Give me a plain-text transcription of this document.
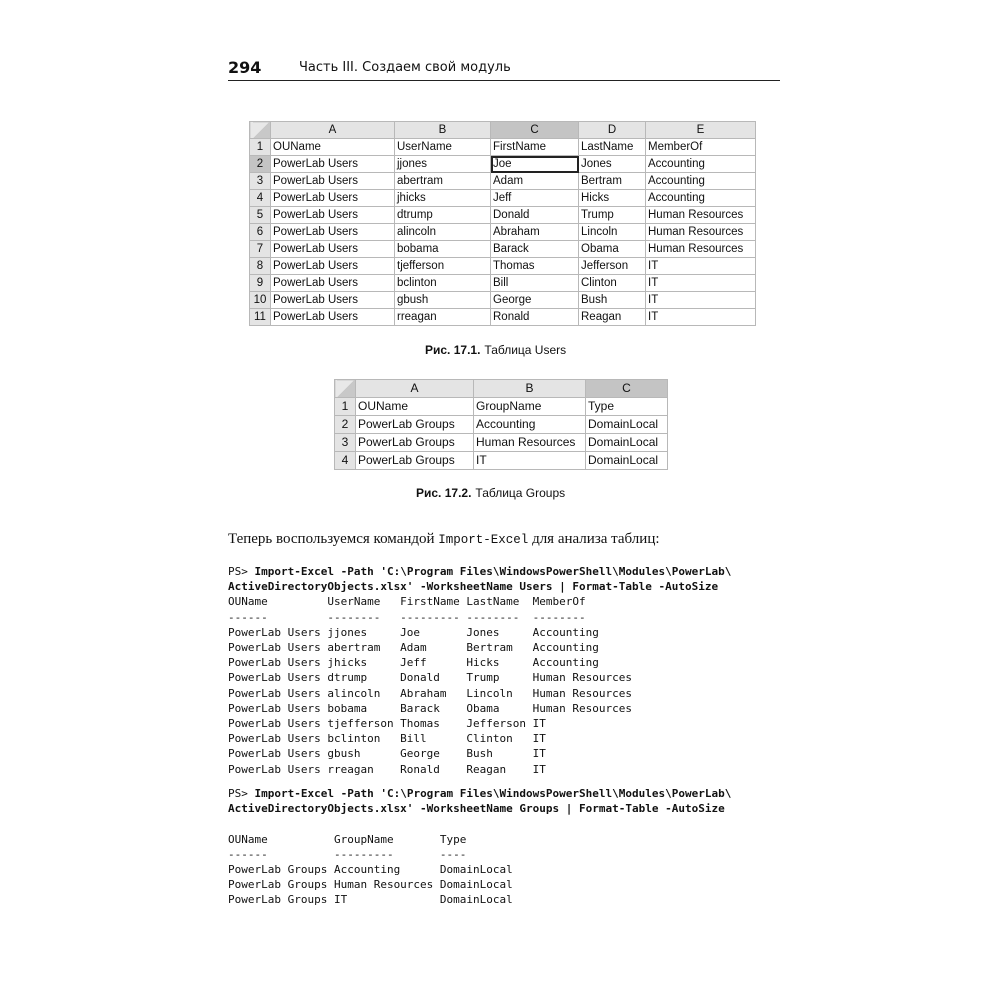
294	Часть III. Создаем свой модуль
	A	B	C	D	E
1	OUName	UserName	FirstName	LastName	MemberOf
2	PowerLab Users	jjones	Joe	Jones	Accounting
3	PowerLab Users	abertram	Adam	Bertram	Accounting
4	PowerLab Users	jhicks	Jeff	Hicks	Accounting
5	PowerLab Users	dtrump	Donald	Trump	Human Resources
6	PowerLab Users	alincoln	Abraham	Lincoln	Human Resources
7	PowerLab Users	bobama	Barack	Obama	Human Resources
8	PowerLab Users	tjefferson	Thomas	Jefferson	IT
9	PowerLab Users	bclinton	Bill	Clinton	IT
10	PowerLab Users	gbush	George	Bush	IT
11	PowerLab Users	rreagan	Ronald	Reagan	IT
Рис. 17.1. Таблица Users
	A	B	C
1	OUName	GroupName	Type
2	PowerLab Groups	Accounting	DomainLocal
3	PowerLab Groups	Human Resources	DomainLocal
4	PowerLab Groups	IT	DomainLocal
Рис. 17.2. Таблица Groups
Теперь воспользуемся командой Import-Excel для анализа таблиц:
PS> Import-Excel -Path 'C:\Program Files\WindowsPowerShell\Modules\PowerLab\
ActiveDirectoryObjects.xlsx' -WorksheetName Users | Format-Table -AutoSize
OUName         UserName   FirstName LastName  MemberOf
------         --------   --------- --------  --------
PowerLab Users jjones     Joe       Jones     Accounting
PowerLab Users abertram   Adam      Bertram   Accounting
PowerLab Users jhicks     Jeff      Hicks     Accounting
PowerLab Users dtrump     Donald    Trump     Human Resources
PowerLab Users alincoln   Abraham   Lincoln   Human Resources
PowerLab Users bobama     Barack    Obama     Human Resources
PowerLab Users tjefferson Thomas    Jefferson IT
PowerLab Users bclinton   Bill      Clinton   IT
PowerLab Users gbush      George    Bush      IT
PowerLab Users rreagan    Ronald    Reagan    IT
PS> Import-Excel -Path 'C:\Program Files\WindowsPowerShell\Modules\PowerLab\
ActiveDirectoryObjects.xlsx' -WorksheetName Groups | Format-Table -AutoSize

OUName          GroupName       Type
------          ---------       ----
PowerLab Groups Accounting      DomainLocal
PowerLab Groups Human Resources DomainLocal
PowerLab Groups IT              DomainLocal
